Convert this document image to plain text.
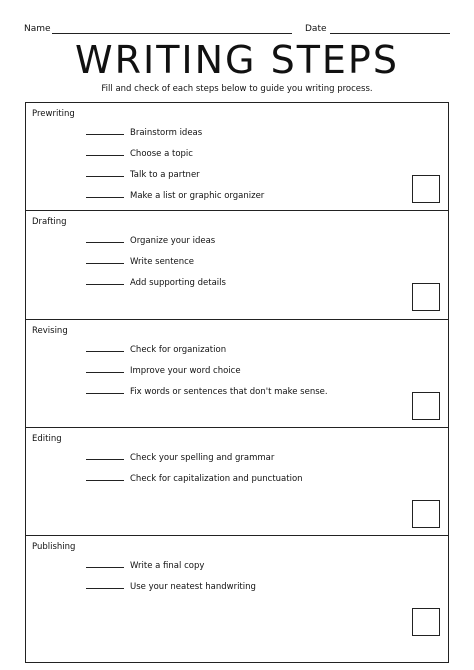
Name	Date
WRITING STEPS
Fill and check of each steps below to guide you writing process.
Prewriting
Brainstorm ideas
Choose a topic
Talk to a partner
Make a list or graphic organizer
Drafting
Organize your ideas
Write sentence
Add supporting details
Revising
Check for organization
Improve your word choice
Fix words or sentences that don't make sense.
Editing
Check your spelling and grammar
Check for capitalization and punctuation
Publishing
Write a final copy
Use your neatest handwriting
